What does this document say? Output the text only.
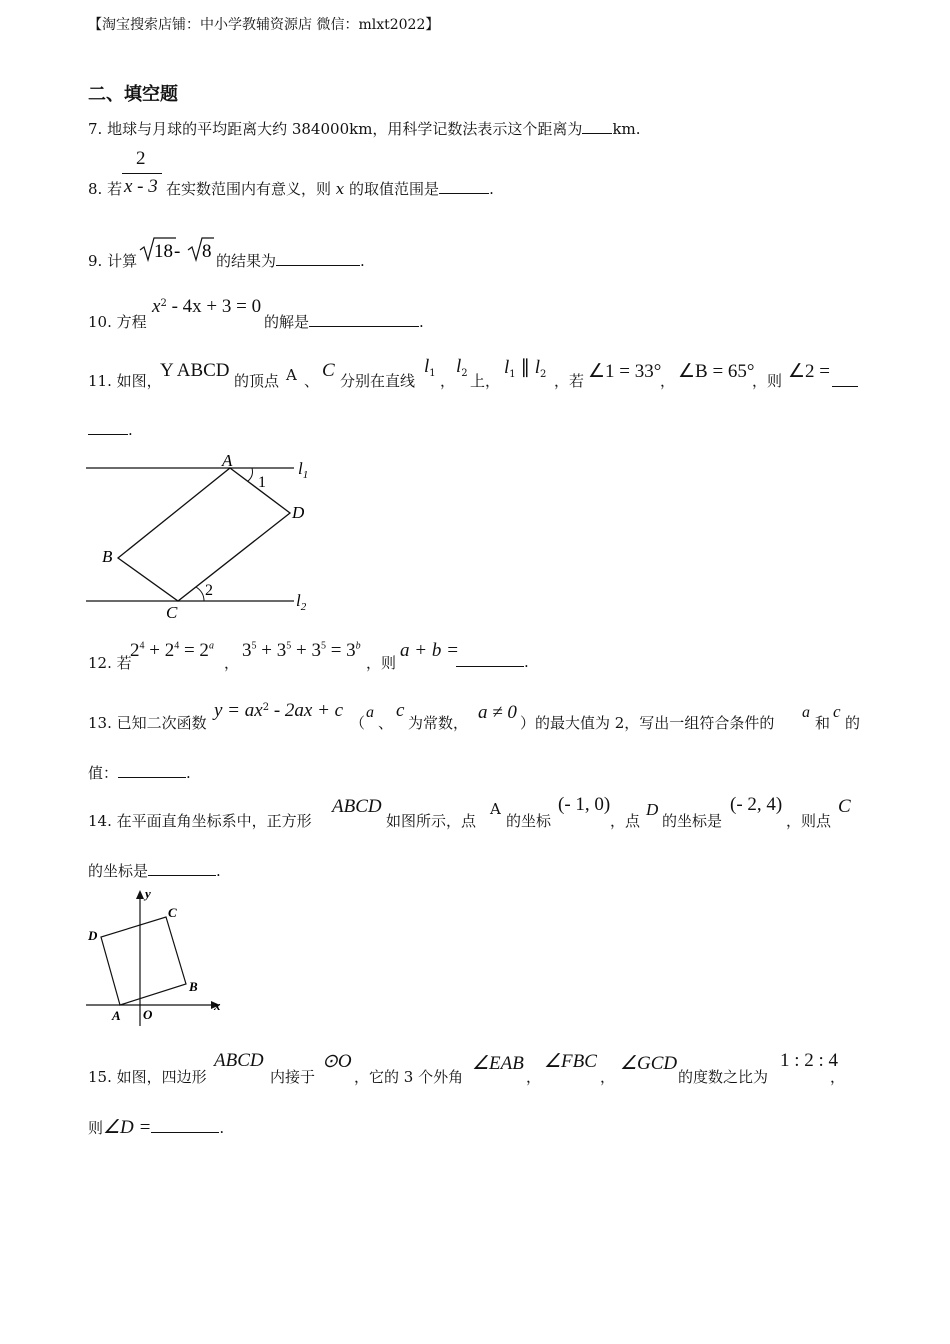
【淘宝搜索店铺：中小学教辅资源店 微信：mlxt2022】
二、填空题
7. 地球与月球的平均距离大约 384000km，用科学记数法表示这个距离为 km.
8. 若
2
x - 3 在实数范围内有意义，则 x 的取值范围是	.
9. 计算 18 - 8 的结果为	.
10. 方程
$x^2 - 4x + 3 = 0$
的解是	.
11. 如图，
Y ABCD 的顶点 A 、 C 分别在直线
$l_1$ ，
$l_2$ 上，
$l_1$ ∥ $l_2$ ，若 ∠1 = 33°
， ∠B = 65°
，则 ∠2 =
.
A
B
C
D
1
2
$l_1$
$l_2$
12. 若
$2^4 + 2^4 = 2^a$
，
$3^5 + 3^5 + 3^5 = 3^b$
，则
a + b =
.
13. 已知二次函数
$y = ax^2 - 2ax + c$
（
a
、
c
为常数， a ≠ 0 ）的最大值为 2，写出一组符合条件的
a
和
c
的
值：	.
14. 在平面直角坐标系中，正方形
ABCD
如图所示，点
A
的坐标
(- 1, 0)
，点
D
的坐标是
(- 2, 4)
，则点
C
的坐标是	.
x
y
O
A
B
C
D
15. 如图，四边形
ABCD
内接于
⊙O
，它的 3 个外角
∠EAB
，
∠FBC
，
∠GCD
的度数之比为
1 : 2 : 4
，
则∠D =	.
